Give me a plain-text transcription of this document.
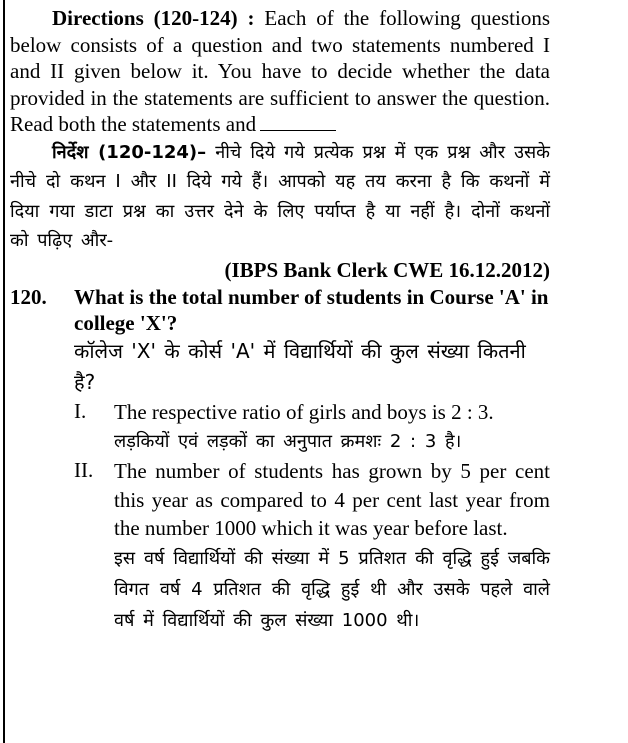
Directions (120-124) : Each of the following questions below consists of a question and two statements numbered I and II given below it. You have to decide whether the data provided in the statements are sufficient to answer the question. Read both the statements and

निर्देश (120-124)– नीचे दिये गये प्रत्येक प्रश्न में एक प्रश्न और उसके नीचे दो कथन I और II दिये गये हैं। आपको यह तय करना है कि कथनों में दिया गया डाटा प्रश्न का उत्तर देने के लिए पर्याप्त है या नहीं है। दोनों कथनों को पढ़िए और-

(IBPS Bank Clerk CWE 16.12.2012)

120.	What is the total number of students in Course 'A' in college 'X'?

कॉलेज 'X' के कोर्स 'A' में विद्यार्थियों की कुल संख्या कितनी है?

I.	The respective ratio of girls and boys is 2 : 3.

लड़कियों एवं लड़कों का अनुपात क्रमशः 2 : 3 है।

II. The number of students has grown by 5 per cent this year as compared to 4 per cent last year from the number 1000 which it was year before last.

इस वर्ष विद्यार्थियों की संख्या में 5 प्रतिशत की वृद्धि हुई जबकि विगत वर्ष 4 प्रतिशत की वृद्धि हुई थी और उसके पहले वाले वर्ष में विद्यार्थियों की कुल संख्या 1000 थी।
